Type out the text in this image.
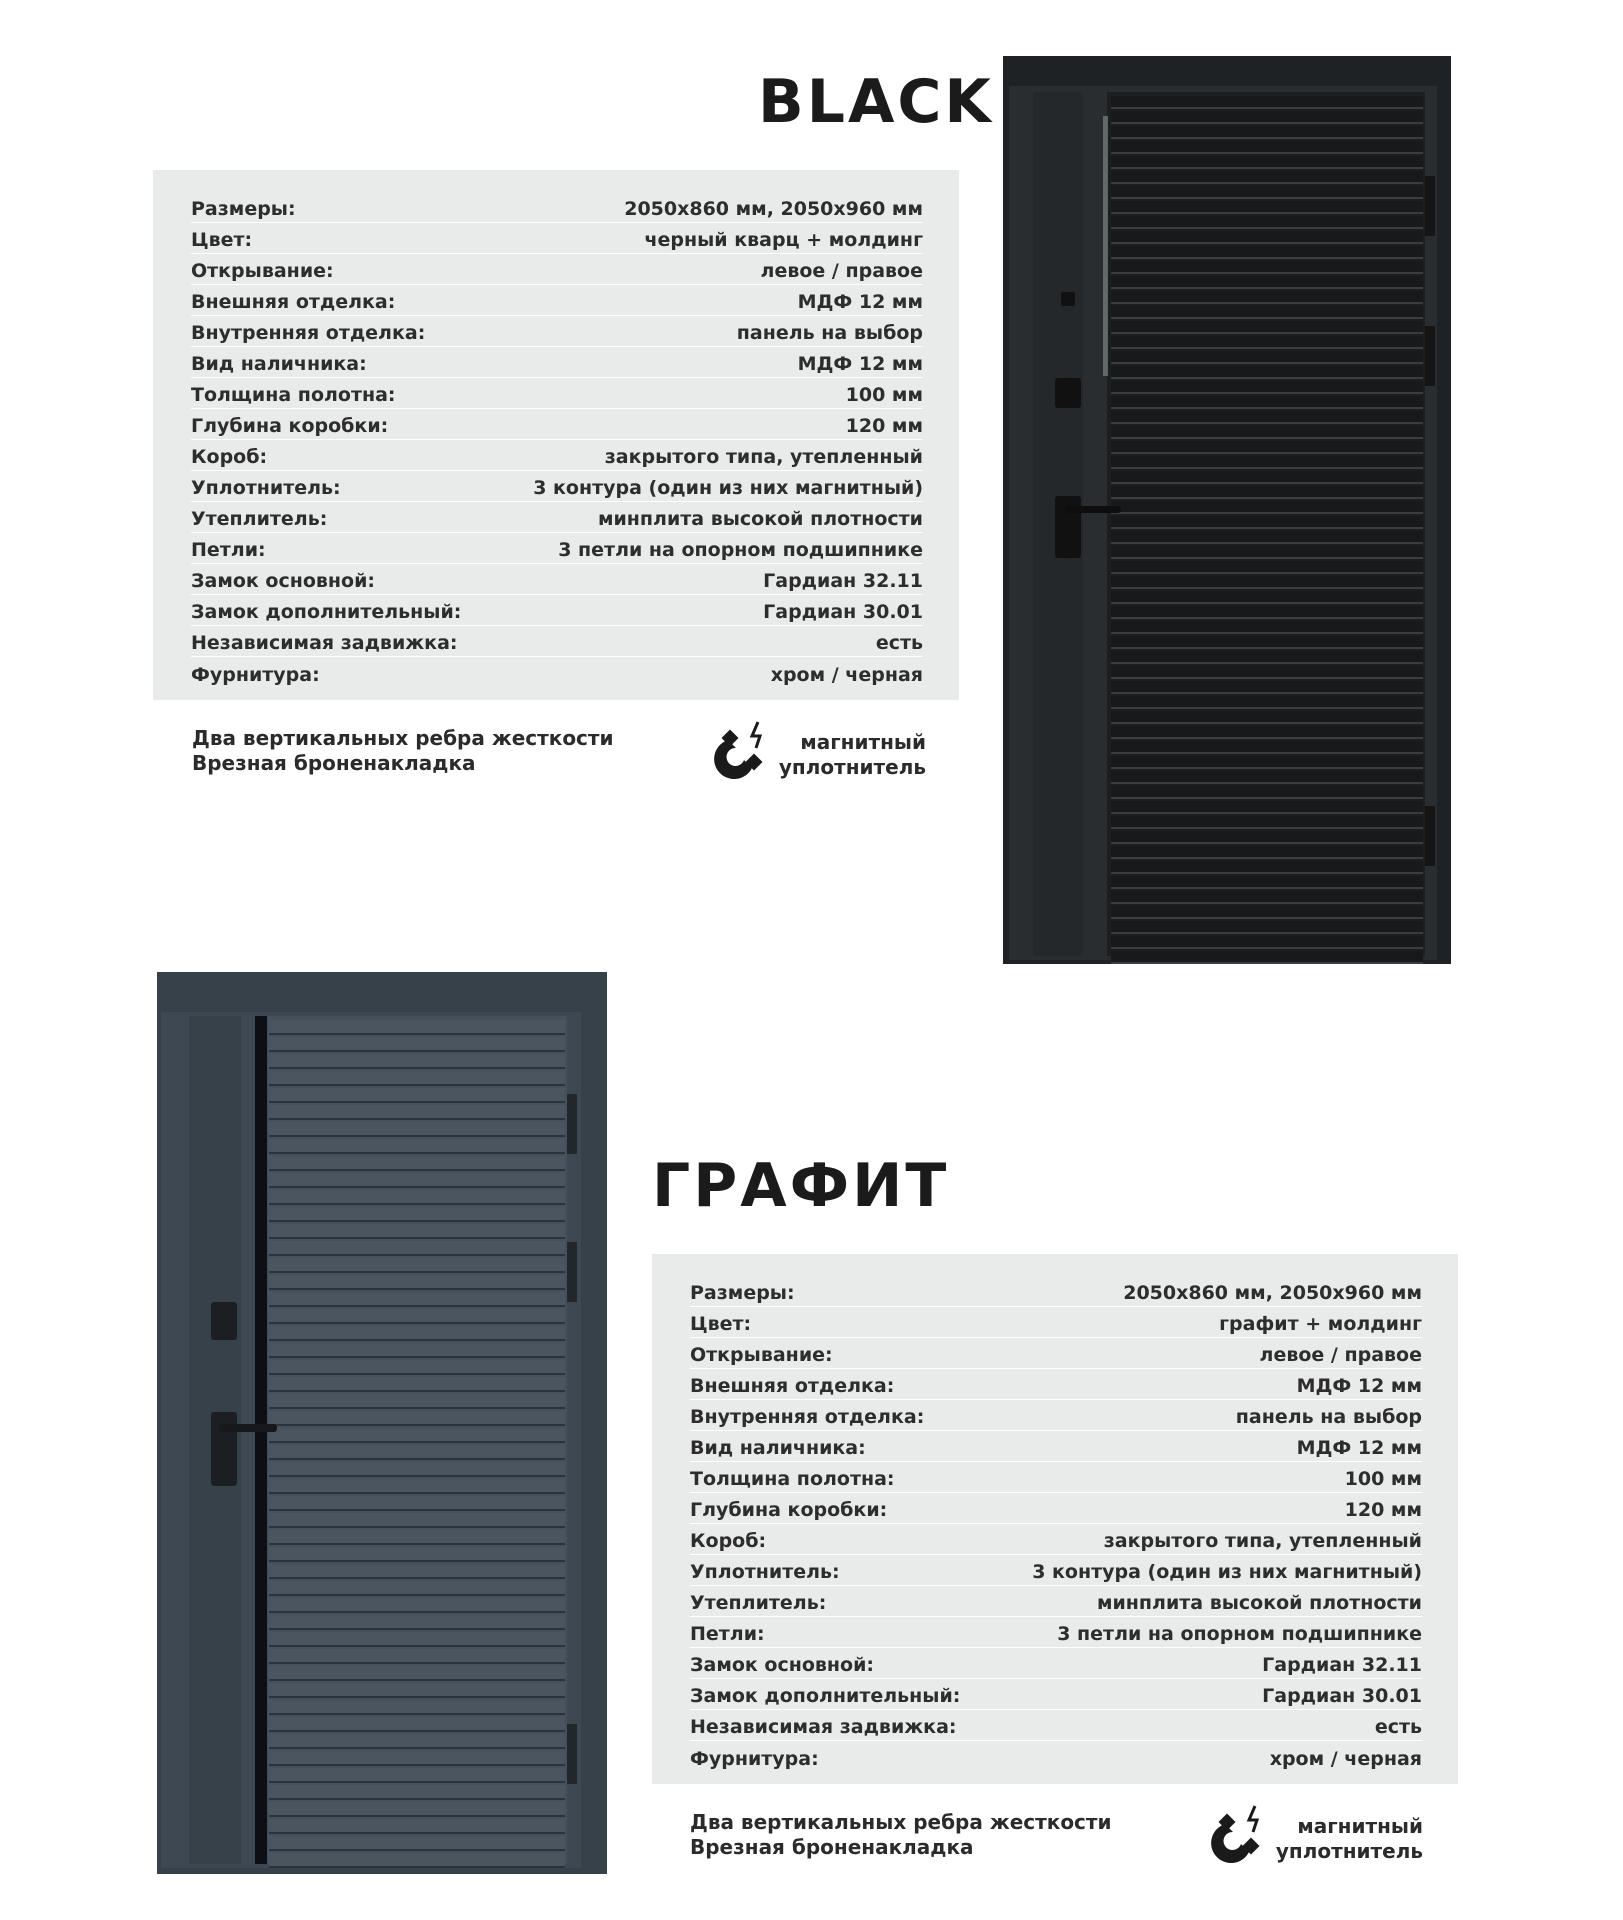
BLACK
Размеры:	2050x860 мм, 2050x960 мм
Цвет:	черный кварц + молдинг
Открывание:	левое / правое
Внешняя отделка:	МДФ 12 мм
Внутренняя отделка:	панель на выбор
Вид наличника:	МДФ 12 мм
Толщина полотна:	100 мм
Глубина коробки:	120 мм
Короб:	закрытого типа, утепленный
Уплотнитель:	3 контура (один из них магнитный)
Утеплитель:	минплита высокой плотности
Петли:	3 петли на опорном подшипнике
Замок основной:	Гардиан 32.11
Замок дополнительный:	Гардиан 30.01
Независимая задвижка:	есть
Фурнитура:	хром / черная
Два вертикальных ребра жесткости
Врезная броненакладка
магнитный
уплотнитель
ГРАФИТ
Размеры:	2050x860 мм, 2050x960 мм
Цвет:	графит + молдинг
Открывание:	левое / правое
Внешняя отделка:	МДФ 12 мм
Внутренняя отделка:	панель на выбор
Вид наличника:	МДФ 12 мм
Толщина полотна:	100 мм
Глубина коробки:	120 мм
Короб:	закрытого типа, утепленный
Уплотнитель:	3 контура (один из них магнитный)
Утеплитель:	минплита высокой плотности
Петли:	3 петли на опорном подшипнике
Замок основной:	Гардиан 32.11
Замок дополнительный:	Гардиан 30.01
Независимая задвижка:	есть
Фурнитура:	хром / черная
Два вертикальных ребра жесткости
Врезная броненакладка
магнитный
уплотнитель
